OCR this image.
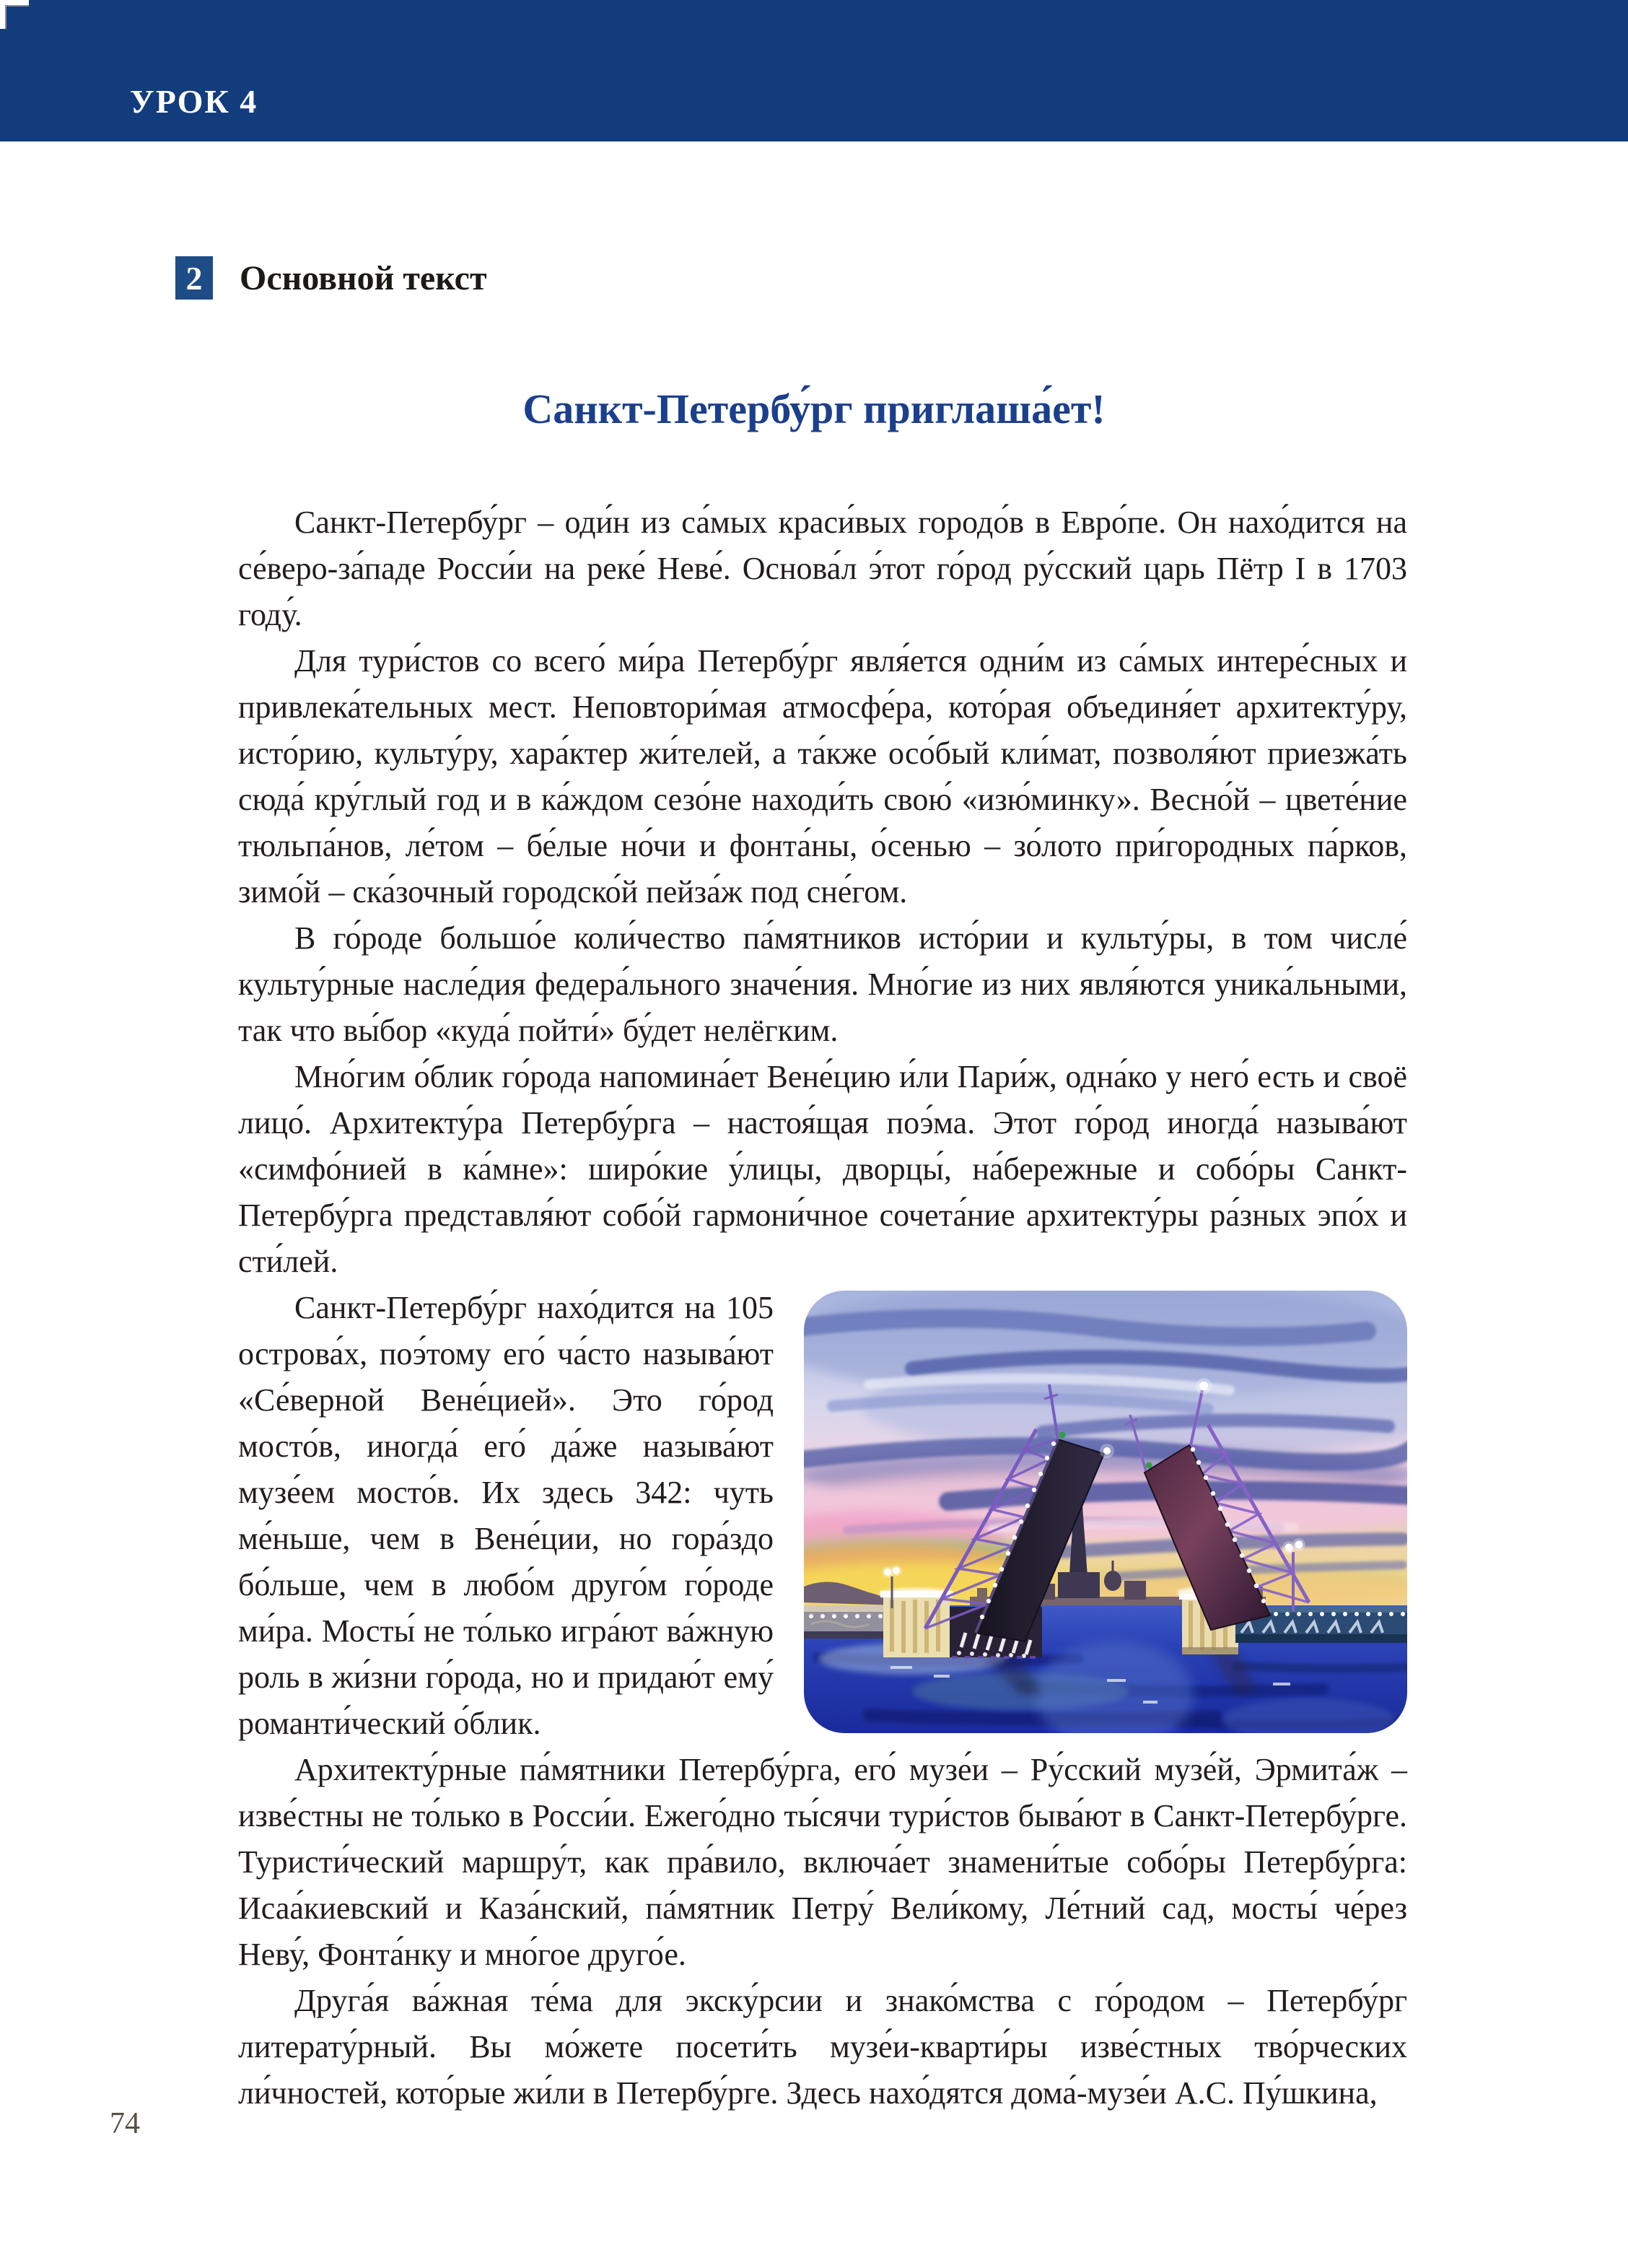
УРОК 4
2	Основной текст
Санкт-Петербу́рг приглаша́ет!

Санкт-Петербу́рг – оди́н из са́мых краси́вых городо́в в Евро́пе. Он нахо́дится на се́веро-за́паде Росси́и на реке́ Неве́. Основа́л э́тот го́род ру́сский царь Пётр I в 1703 году́.

Для тури́стов со всего́ ми́ра Петербу́рг явля́ется одни́м из са́мых интере́сных и привлека́тельных мест. Неповтори́мая атмосфе́ра, кото́рая объединя́ет архитекту́ру, исто́рию, культу́ру, хара́ктер жи́телей, а та́кже осо́бый кли́мат, позволя́ют приезжа́ть сюда́ кру́глый год и в ка́ждом сезо́не находи́ть свою́ «изю́минку». Весно́й – цвете́ние тюльпа́нов, ле́том – бе́лые но́чи и фонта́ны, о́сенью – зо́лото при́городных па́рков, зимо́й – ска́зочный городско́й пейза́ж под сне́гом.

В го́роде большо́е коли́чество па́мятников исто́рии и культу́ры, в том числе́ культу́рные насле́дия федера́льного значе́ния. Мно́гие из них явля́ются уника́льными, так что вы́бор «куда́ пойти́» бу́дет нелёгким.

Мно́гим о́блик го́рода напомина́ет Вене́цию и́ли Пари́ж, одна́ко у него́ есть и своё лицо́. Архитекту́ра Петербу́рга – настоя́щая поэ́ма. Этот го́род иногда́ называ́ют «симфо́нией в ка́мне»: широ́кие у́лицы, дворцы́, на́бережные и собо́ры Санкт-Петербу́рга представля́ют собо́й гармони́чное сочета́ние архитекту́ры ра́зных эпо́х и сти́лей.

Санкт-Петербу́рг нахо́дится на 105 острова́х, поэ́тому его́ ча́сто называ́ют «Се́верной Вене́цией». Это го́род мосто́в, иногда́ его́ да́же называ́ют музе́ем мосто́в. Их здесь 342: чуть ме́ньше, чем в Вене́ции, но гора́здо бо́льше, чем в любо́м друго́м го́роде ми́ра. Мосты́ не то́лько игра́ют ва́жную роль в жи́зни го́рода, но и придаю́т ему́ романти́ческий о́блик.

Архитекту́рные па́мятники Петербу́рга, его́ музе́и – Ру́сский музе́й, Эрмита́ж – изве́стны не то́лько в Росси́и. Ежего́дно ты́сячи тури́стов быва́ют в Санкт-Петербу́рге. Туристи́ческий маршру́т, как пра́вило, включа́ет знамени́тые собо́ры Петербу́рга: Исаа́киевский и Каза́нский, па́мятник Петру́ Вели́кому, Ле́тний сад, мосты́ че́рез Неву́, Фонта́нку и мно́гое друго́е.

Друга́я ва́жная те́ма для экску́рсии и знако́мства с го́родом – Петербу́рг литерату́рный. Вы мо́жете посети́ть музе́и-кварти́ры изве́стных тво́рческих ли́чностей, кото́рые жи́ли в Петербу́рге. Здесь нахо́дятся дома́-музе́и А.С. Пу́шкина,

74
